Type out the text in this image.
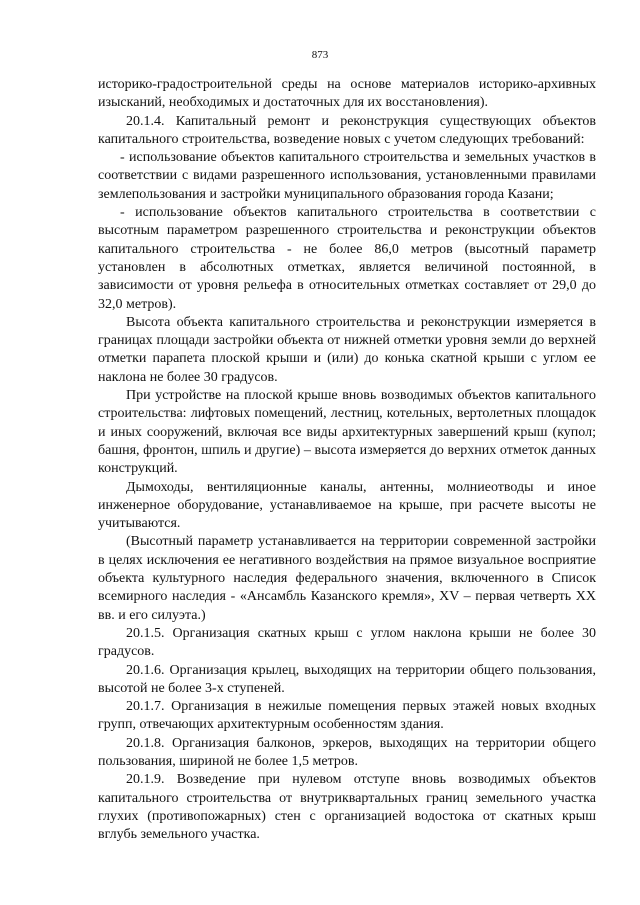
873

историко-градостроительной среды на основе материалов историко-архивных изысканий, необходимых и достаточных для их восстановления).

20.1.4. Капитальный ремонт и реконструкция существующих объектов капитального строительства, возведение новых с учетом следующих требований:

- использование объектов капитального строительства и земельных участков в соответствии с видами разрешенного использования, установленными правилами землепользования и застройки муниципального образования города Казани;

- использование объектов капитального строительства в соответствии с высотным параметром разрешенного строительства и реконструкции объектов капитального строительства - не более 86,0 метров (высотный параметр установлен в абсолютных отметках, является величиной постоянной, в зависимости от уровня рельефа в относительных отметках составляет от 29,0 до 32,0 метров).

Высота объекта капитального строительства и реконструкции измеряется в границах площади застройки объекта от нижней отметки уровня земли до верхней отметки парапета плоской крыши и (или) до конька скатной крыши с углом ее наклона не более 30 градусов.

При устройстве на плоской крыше вновь возводимых объектов капитального строительства: лифтовых помещений, лестниц, котельных, вертолетных площадок и иных сооружений, включая все виды архитектурных завершений крыш (купол; башня, фронтон, шпиль и другие) – высота измеряется до верхних отметок данных конструкций.

Дымоходы, вентиляционные каналы, антенны, молниеотводы и иное инженерное оборудование, устанавливаемое на крыше, при расчете высоты не учитываются.

(Высотный параметр устанавливается на территории современной застройки в целях исключения ее негативного воздействия на прямое визуальное восприятие объекта культурного наследия федерального значения, включенного в Список всемирного наследия - «Ансамбль Казанского кремля», XV – первая четверть XX вв. и его силуэта.)

20.1.5. Организация скатных крыш с углом наклона крыши не более 30 градусов.

20.1.6. Организация крылец, выходящих на территории общего пользования, высотой не более 3-х ступеней.

20.1.7. Организация в нежилые помещения первых этажей новых входных групп, отвечающих архитектурным особенностям здания.

20.1.8. Организация балконов, эркеров, выходящих на территории общего пользования, шириной не более 1,5 метров.

20.1.9. Возведение при нулевом отступе вновь возводимых объектов капитального строительства от внутриквартальных границ земельного участка глухих (противопожарных) стен с организацией водостока от скатных крыш вглубь земельного участка.
